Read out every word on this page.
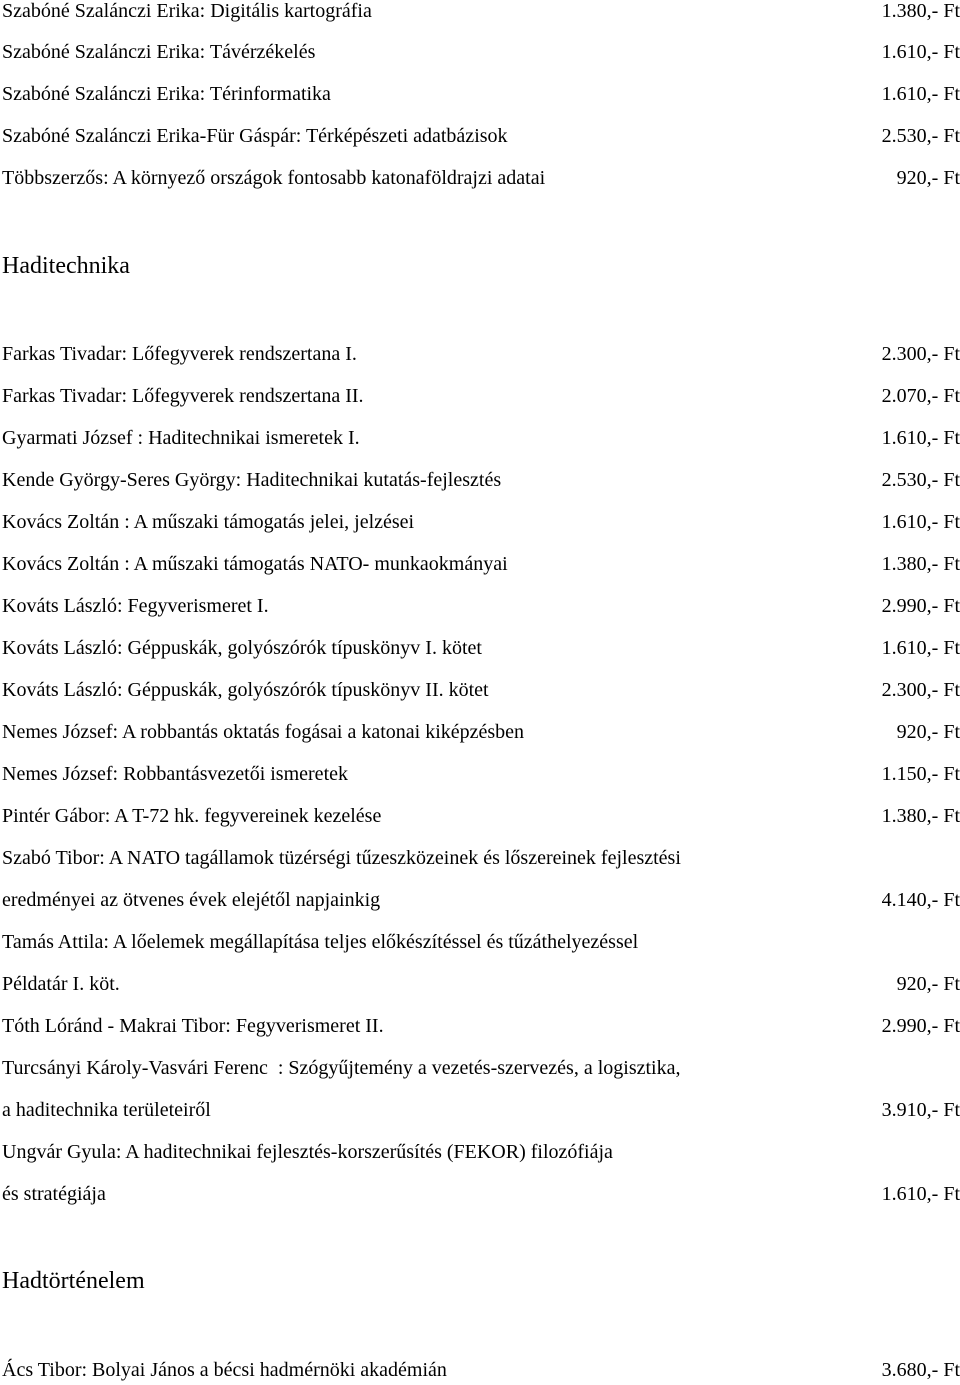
Szabóné Szalánczi Erika: Digitális kartográfia	1.380,- Ft
Szabóné Szalánczi Erika: Távérzékelés	1.610,- Ft
Szabóné Szalánczi Erika: Térinformatika	1.610,- Ft
Szabóné Szalánczi Erika-Für Gáspár: Térképészeti adatbázisok	2.530,- Ft
Többszerzős: A környező országok fontosabb katonaföldrajzi adatai	920,- Ft
Haditechnika
Farkas Tivadar: Lőfegyverek rendszertana I.	2.300,- Ft
Farkas Tivadar: Lőfegyverek rendszertana II.	2.070,- Ft
Gyarmati József : Haditechnikai ismeretek I.	1.610,- Ft
Kende György-Seres György: Haditechnikai kutatás-fejlesztés	2.530,- Ft
Kovács Zoltán : A műszaki támogatás jelei, jelzései	1.610,- Ft
Kovács Zoltán : A műszaki támogatás NATO- munkaokmányai	1.380,- Ft
Kováts László: Fegyverismeret I.	2.990,- Ft
Kováts László: Géppuskák, golyószórók típuskönyv I. kötet	1.610,- Ft
Kováts László: Géppuskák, golyószórók típuskönyv II. kötet	2.300,- Ft
Nemes József: A robbantás oktatás fogásai a katonai kiképzésben	920,- Ft
Nemes József: Robbantásvezetői ismeretek	1.150,- Ft
Pintér Gábor: A T-72 hk. fegyvereinek kezelése	1.380,- Ft
Szabó Tibor: A NATO tagállamok tüzérségi tűzeszközeinek és lőszereinek fejlesztési
eredményei az ötvenes évek elejétől napjainkig	4.140,- Ft
Tamás Attila: A lőelemek megállapítása teljes előkészítéssel és tűzáthelyezéssel
Példatár I. köt.	920,- Ft
Tóth Lóránd - Makrai Tibor: Fegyverismeret II.	2.990,- Ft
Turcsányi Károly-Vasvári Ferenc  : Szógyűjtemény a vezetés-szervezés, a logisztika,
a haditechnika területeiről	3.910,- Ft
Ungvár Gyula: A haditechnikai fejlesztés-korszerűsítés (FEKOR) filozófiája
és stratégiája	1.610,- Ft
Hadtörténelem
Ács Tibor: Bolyai János a bécsi hadmérnöki akadémián	3.680,- Ft
